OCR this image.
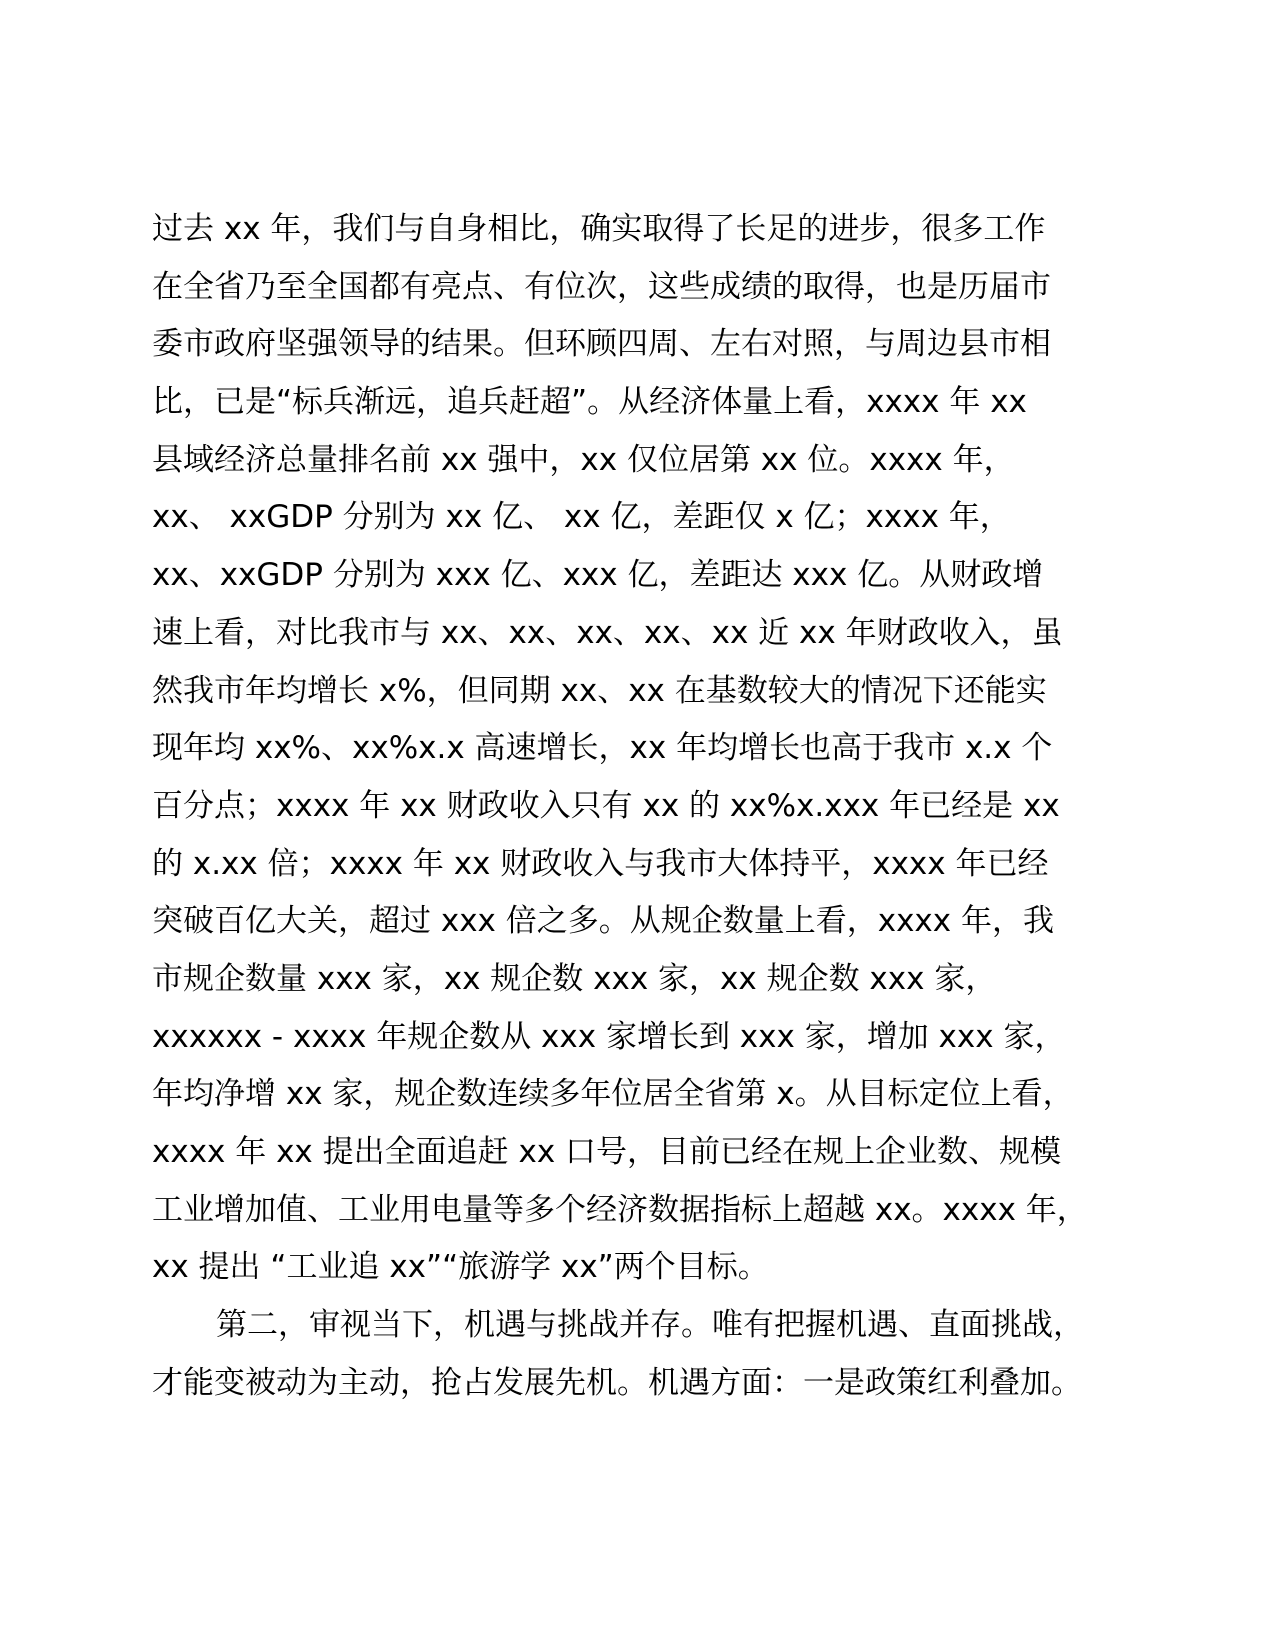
过去 xx 年，我们与自身相比，确实取得了长足的进步，很多工作
在全省乃至全国都有亮点、有位次，这些成绩的取得，也是历届市
委市政府坚强领导的结果。但环顾四周、左右对照，与周边县市相
比，已是“标兵渐远，追兵赶超”。从经济体量上看，xxxx 年 xx
县域经济总量排名前 xx 强中，xx 仅位居第 xx 位。xxxx 年，
xx、 xxGDP 分别为 xx 亿、 xx 亿，差距仅 x 亿；xxxx 年，
xx、xxGDP 分别为 xxx 亿、xxx 亿，差距达 xxx 亿。从财政增
速上看，对比我市与 xx、xx、xx、xx、xx 近 xx 年财政收入，虽
然我市年均增长 x%，但同期 xx、xx 在基数较大的情况下还能实
现年均 xx%、xx%x.x 高速增长，xx 年均增长也高于我市 x.x 个
百分点；xxxx 年 xx 财政收入只有 xx 的 xx%x.xxx 年已经是 xx
的 x.xx 倍；xxxx 年 xx 财政收入与我市大体持平，xxxx 年已经
突破百亿大关，超过 xxx 倍之多。从规企数量上看，xxxx 年，我
市规企数量 xxx 家，xx 规企数 xxx 家，xx 规企数 xxx 家，
xxxxxx - xxxx 年规企数从 xxx 家增长到 xxx 家，增加 xxx 家，
年均净增 xx 家，规企数连续多年位居全省第 x。从目标定位上看，
xxxx 年 xx 提出全面追赶 xx 口号，目前已经在规上企业数、规模
工业增加值、工业用电量等多个经济数据指标上超越 xx。xxxx 年，
xx 提出 “工业追 xx”“旅游学 xx”两个目标。
第二，审视当下，机遇与挑战并存。唯有把握机遇、直面挑战，
才能变被动为主动，抢占发展先机。机遇方面：一是政策红利叠加。
